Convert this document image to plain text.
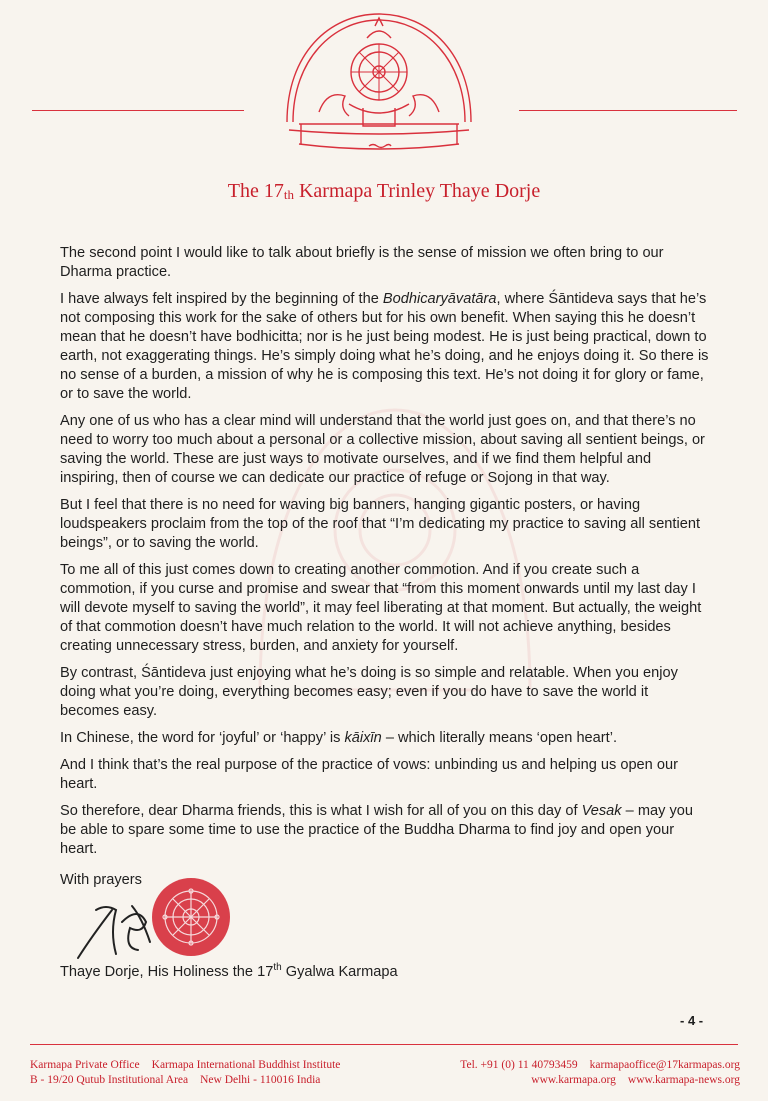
The $17_{th}$ Karmapa Trinley Thaye Dorje

The second point I would like to talk about briefly is the sense of mission we often bring to our Dharma practice.

I have always felt inspired by the beginning of the Bodhicaryāvatāra, where Śāntideva says that he’s not composing this work for the sake of others but for his own benefit. When saying this he doesn’t mean that he doesn’t have bodhicitta; nor is he just being modest. He is just being practical, down to earth, not exaggerating things. He’s simply doing what he’s doing, and he enjoys doing it. So there is no sense of a burden, a mission of why he is composing this text. He’s not doing it for glory or fame, or to save the world.

Any one of us who has a clear mind will understand that the world just goes on, and that there’s no need to worry too much about a personal or a collective mission, about saving all sentient beings, or saving the world. These are just ways to motivate ourselves, and if we find them helpful and inspiring, then of course we can dedicate our practice of refuge or Sojong in that way.

But I feel that there is no need for waving big banners, hanging gigantic posters, or having loudspeakers proclaim from the top of the roof that “I’m dedicating my practice to saving all sentient beings”, or to saving the world.

To me all of this just comes down to creating another commotion. And if you create such a commotion, if you curse and promise and swear that “from this moment onwards until my last day I will devote myself to saving the world”, it may feel liberating at that moment. But actually, the weight of that commotion doesn’t have much relation to the world. It will not achieve anything, besides creating unnecessary stress, burden, and anxiety for yourself.

By contrast, Śāntideva just enjoying what he’s doing is so simple and relatable. When you enjoy doing what you’re doing, everything becomes easy; even if you do have to save the world it becomes easy.

In Chinese, the word for ‘joyful’ or ‘happy’ is kāixīn – which literally means ‘open heart’.

And I think that’s the real purpose of the practice of vows: unbinding us and helping us open our heart.

So therefore, dear Dharma friends, this is what I wish for all of you on this day of Vesak – may you be able to spare some time to use the practice of the Buddha Dharma to find joy and open your heart.

With prayers
Thaye Dorje, His Holiness the 17th Gyalwa Karmapa
- 4 -
Karmapa Private Office Karmapa International Buddhist Institute
B - 19/20 Qutub Institutional Area New Delhi - 110016 India
Tel. +91 (0) 11 40793459 karmapaoffice@17karmapas.org
www.karmapa.org www.karmapa-news.org
